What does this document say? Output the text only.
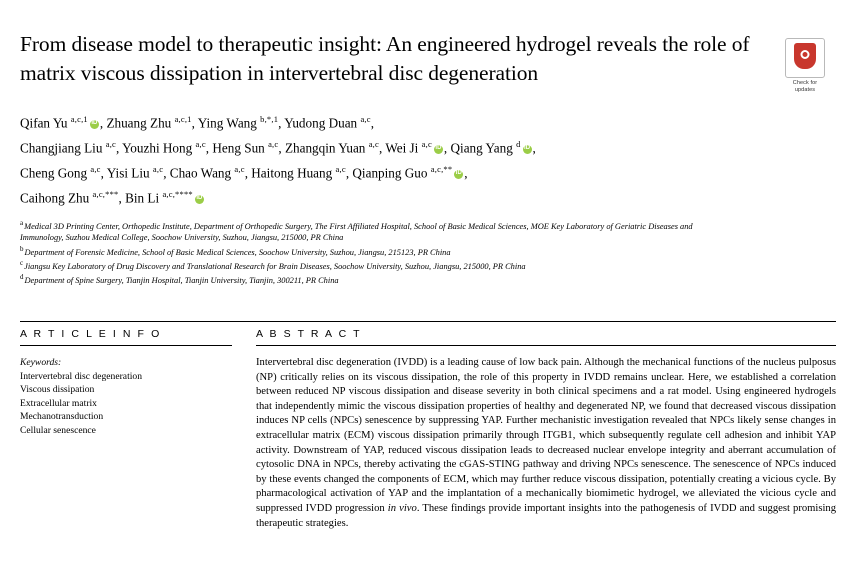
Check for
updates
From disease model to therapeutic insight: An engineered hydrogel reveals the role of matrix viscous dissipation in intervertebral disc degeneration
Qifan Yu $^{a,c,1}$ iD , Zhuang Zhu $^{a,c,1}$, Ying Wang $^{b,*,1}$, Yudong Duan $^{a,c}$,
Changjiang Liu $^{a,c}$, Youzhi Hong $^{a,c}$, Heng Sun $^{a,c}$, Zhangqin Yuan $^{a,c}$, Wei Ji $^{a,c}$ iD , Qiang Yang $^d$ iD ,
Cheng Gong $^{a,c}$, Yisi Liu $^{a,c}$, Chao Wang $^{a,c}$, Haitong Huang $^{a,c}$, Qianping Guo $^{a,c,**}$ iD ,
Caihong Zhu $^{a,c,***}$, Bin Li $^{a,c,****}$iD
$^a$Medical 3D Printing Center, Orthopedic Institute, Department of Orthopedic Surgery, The First Affiliated Hospital, School of Basic Medical Sciences, MOE Key Laboratory of Geriatric Diseases and Immunology, Suzhou Medical College, Soochow University, Suzhou, Jiangsu, 215000, PR China
$^b$Department of Forensic Medicine, School of Basic Medical Sciences, Soochow University, Suzhou, Jiangsu, 215123, PR China
$^c$Jiangsu Key Laboratory of Drug Discovery and Translational Research for Brain Diseases, Soochow University, Suzhou, Jiangsu, 215000, PR China
$^d$Department of Spine Surgery, Tianjin Hospital, Tianjin University, Tianjin, 300211, PR China
A R T I C L E I N F O
Keywords:
Intervertebral disc degeneration
Viscous dissipation
Extracellular matrix
Mechanotransduction
Cellular senescence
A B S T R A C T
Intervertebral disc degeneration (IVDD) is a leading cause of low back pain. Although the mechanical functions of the nucleus pulposus (NP) critically relies on its viscous dissipation, the role of this property in IVDD remains unclear. Here, we established a correlation between reduced NP viscous dissipation and disease severity in both clinical specimens and a rat model. Using engineered hydrogels that independently mimic the viscous dissipation properties of healthy and degenerated NP, we found that decreased viscous dissipation induces NP cells (NPCs) senescence by suppressing YAP. Further mechanistic investigation revealed that NPCs likely sense changes in extracellular matrix (ECM) viscous dissipation primarily through ITGB1, which subsequently regulate cell adhesion and inhibit YAP activity. Downstream of YAP, reduced viscous dissipation leads to decreased nuclear envelope integrity and aberrant accumulation of cytosolic DNA in NPCs, thereby activating the cGAS-STING pathway and driving NPCs senescence. The senescence of NPCs induced by these events changed the components of ECM, which may further reduce viscous dissipation, potentially creating a vicious cycle. By pharmacological activation of YAP and the implantation of a mechanically biomimetic hydrogel, we alleviated the vicious cycle and suppressed IVDD progression in vivo. These findings provide important insights into the pathogenesis of IVDD and suggest promising therapeutic strategies.
